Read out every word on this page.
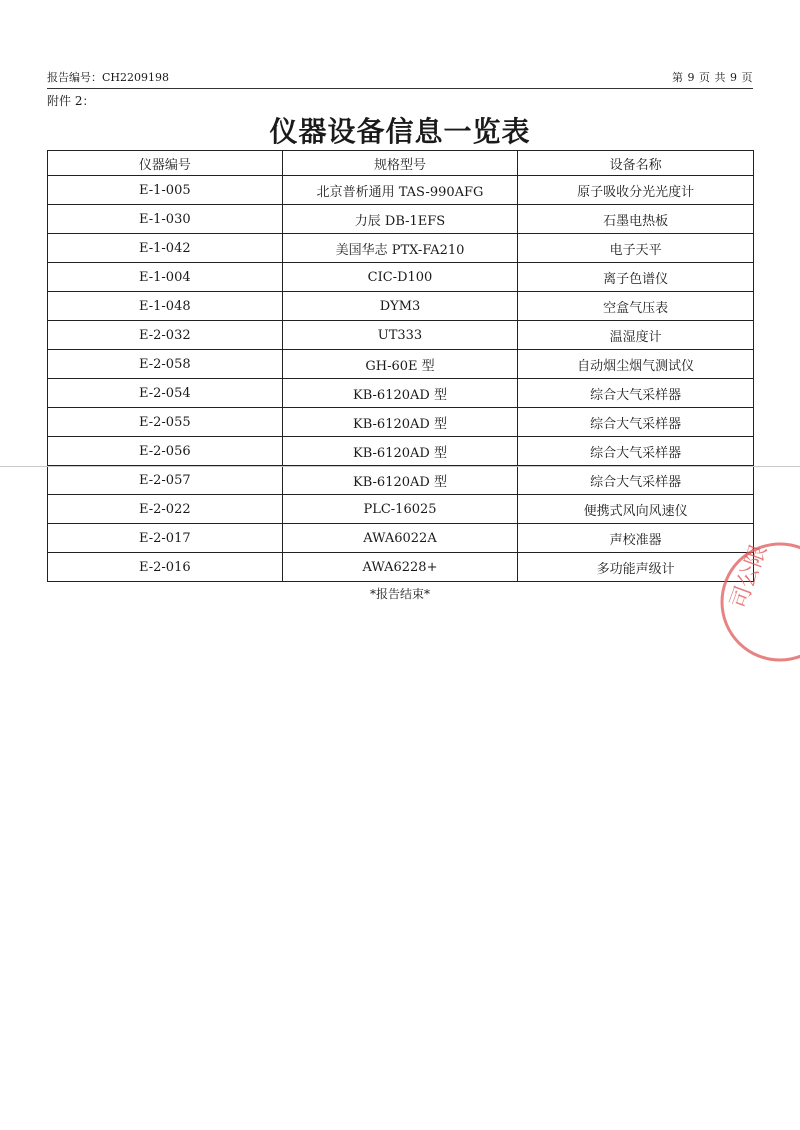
报告编号：CH2209198	第 9 页 共 9 页
附件 2：
仪器设备信息一览表
仪器编号	规格型号	设备名称
E-1-005	北京普析通用 TAS-990AFG	原子吸收分光光度计
E-1-030	力辰 DB-1EFS	石墨电热板
E-1-042	美国华志 PTX-FA210	电子天平
E-1-004	CIC-D100	离子色谱仪
E-1-048	DYM3	空盒气压表
E-2-032	UT333	温湿度计
E-2-058	GH-60E 型	自动烟尘烟气测试仪
E-2-054	KB-6120AD 型	综合大气采样器
E-2-055	KB-6120AD 型	综合大气采样器
E-2-056	KB-6120AD 型	综合大气采样器
E-2-057	KB-6120AD 型	综合大气采样器
E-2-022	PLC-16025	便携式风向风速仪
E-2-017	AWA6022A	声校准器
E-2-016	AWA6228+	多功能声级计
*报告结束*	司公限
